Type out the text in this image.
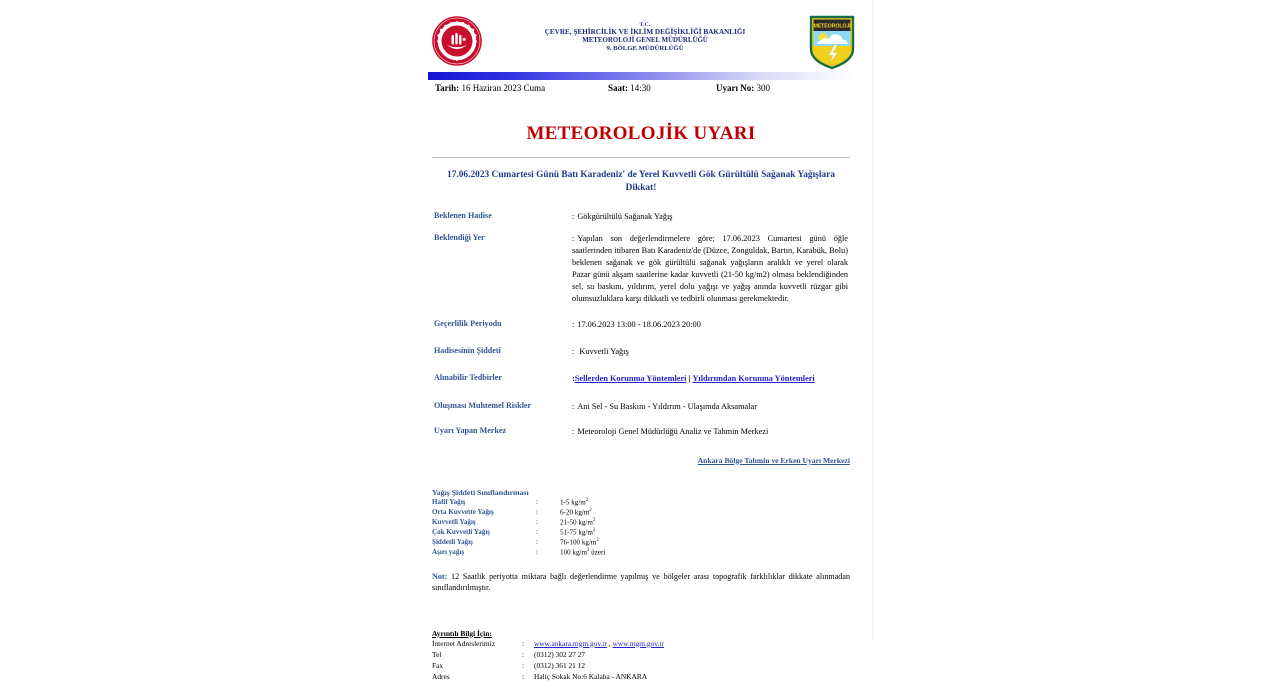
T.C.
ÇEVRE, ŞEHİRCİLİK VE İKLİM DEĞİŞİKLİĞİ BAKANLIĞI
METEOROLOJİ GENEL MÜDÜRLÜĞÜ
9. BÖLGE MÜDÜRLÜĞÜ
METEOROLOJİ
Tarih: 16 Haziran 2023 Cuma	Saat: 14:30	Uyarı No: 300
METEOROLOJİK UYARI
17.06.2023 Cumartesi Günü Batı Karadeniz' de Yerel Kuvvetli Gök Gürültülü Sağanak Yağışlara Dikkat!
Beklenen Hadise	: Gökgürültülü Sağanak Yağış
Beklendiği Yer	: Yapılan son değerlendirmelere göre; 17.06.2023 Cumartesi günü öğle saatlerinden itibaren Batı Karadeniz'de (Düzce, Zonguldak, Bartın, Karabük, Bolu) beklenen sağanak ve gök gürültülü sağanak yağışların aralıklı ve yerel olarak Pazar günü akşam saatlerine kadar kuvvetli (21-50 kg/m2) olması beklendiğinden sel, su baskını, yıldırım, yerel dolu yağışı ve yağış anında kuvvetli rüzgar gibi olumsuzluklara karşı dikkatli ve tedbirli olunması gerekmektedir.
Geçerlilik Periyodu	: 17.06.2023 13:00 - 18.06.2023 20:00
Hadisesinin Şiddeti	: Kuvvetli Yağış
Alınabilir Tedbirler	:Sellerden Korunma Yöntemleri | Yıldırımdan Korunma Yöntemleri
Oluşması Muhtemel Riskler	: Ani Sel - Su Baskını - Yıldırım - Ulaşımda Aksamalar
Uyarı Yapan Merkez	: Meteoroloji Genel Müdürlüğü Analiz ve Tahmin Merkezi
Ankara Bölge Tahmin ve Erken Uyarı Merkezi
Yağış Şiddeti Sınıflandırması
Hafif Yağış	:	1-5 $kg/m^2$
Orta Kuvvette Yağış	:	6-20 $kg/m^2$
Kuvvetli Yağış	:	21-50 $kg/m^2$
Çok Kuvvetli Yağış	:	51-75 $kg/m^2$
Şiddetli Yağış	:	76-100 $kg/m^2$
Aşırı yağış	:	100 $kg/m^2$ üzeri
Not: 12 Saatlik periyotta miktara bağlı değerlendirme yapılmış ve bölgeler arası topografik farklılıklar dikkate alınmadan sınıflandırılmıştır.
Ayrıntılı Bilgi İçin:
İnternet Adreslerimiz	:	www.ankara.mgm.gov.tr , www.mgm.gov.tr
Tel	:	(0312) 302 27 27
Fax	:	(0312) 361 21 12
Adres	:	Haliç Sokak No:6 Kalaba - ANKARA
